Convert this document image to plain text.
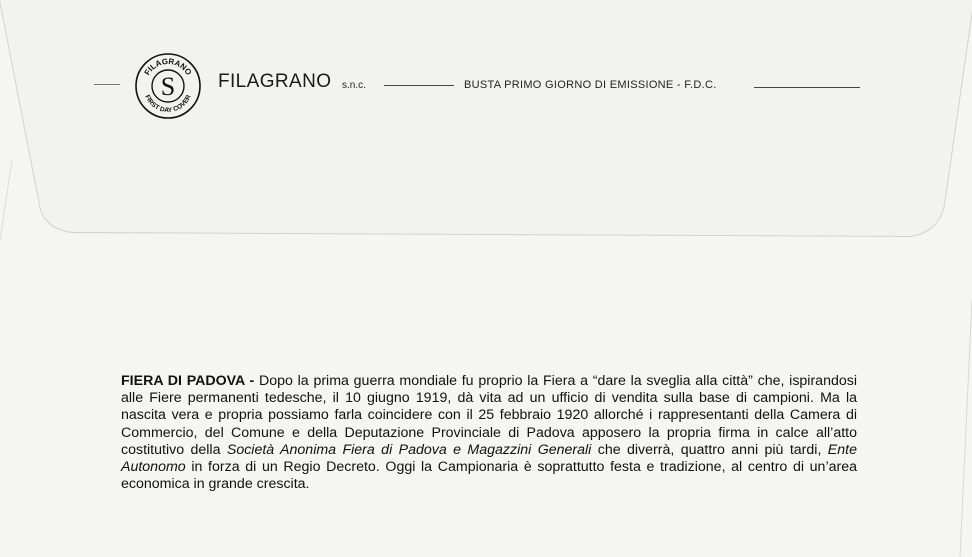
S
FILAGRANO
FIRST DAY COVER
FILAGRANO s.n.c.	BUSTA PRIMO GIORNO DI EMISSIONE - F.D.C.
FIERA DI PADOVA - Dopo la prima guerra mondiale fu proprio la Fiera a “dare la sveglia alla città” che, ispirandosi alle Fiere permanenti tedesche, il 10 giugno 1919, dà vita ad un ufficio di vendita sulla base di campioni. Ma la nascita vera e propria possiamo farla coincidere con il 25 febbraio 1920 allorché i rappresentanti della Camera di Commercio, del Comune e della Deputazione Provinciale di Padova apposero la propria firma in calce all’atto costitutivo della Società Anonima Fiera di Padova e Magazzini Generali che diverrà, quattro anni più tardi, Ente Autonomo in forza di un Regio Decreto. Oggi la Campionaria è soprattutto festa e tradizione, al centro di un’area economica in grande crescita.
